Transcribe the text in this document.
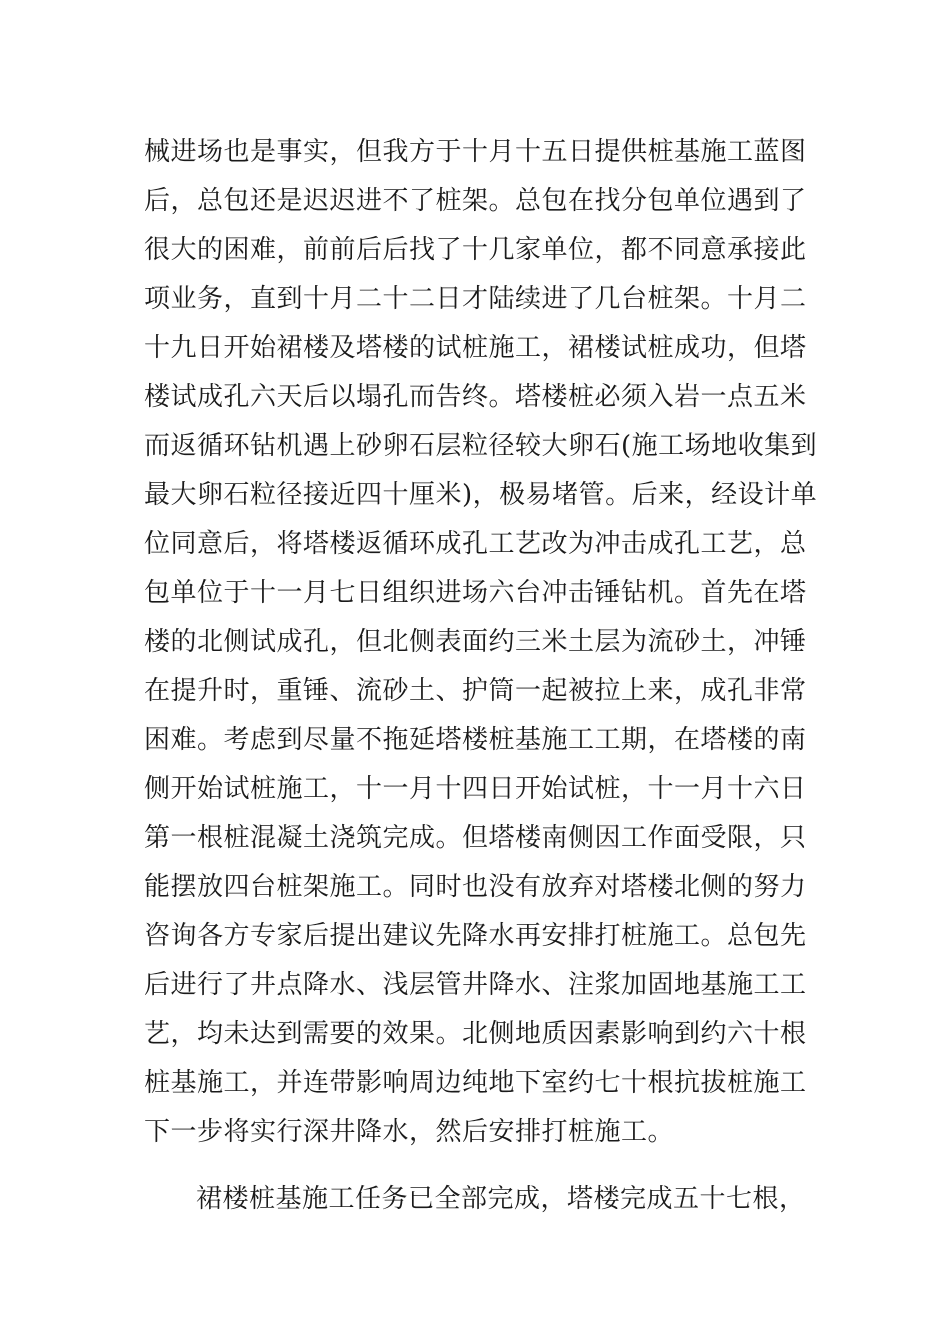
械进场也是事实，但我方于十月十五日提供桩基施工蓝图
后，总包还是迟迟进不了桩架。总包在找分包单位遇到了
很大的困难，前前后后找了十几家单位，都不同意承接此
项业务，直到十月二十二日才陆续进了几台桩架。十月二
十九日开始裙楼及塔楼的试桩施工，裙楼试桩成功，但塔
楼试成孔六天后以塌孔而告终。塔楼桩必须入岩一点五米
而返循环钻机遇上砂卵石层粒径较大卵石(施工场地收集到
最大卵石粒径接近四十厘米)，极易堵管。后来，经设计单
位同意后，将塔楼返循环成孔工艺改为冲击成孔工艺，总
包单位于十一月七日组织进场六台冲击锤钻机。首先在塔
楼的北侧试成孔，但北侧表面约三米土层为流砂土，冲锤
在提升时，重锤、流砂土、护筒一起被拉上来，成孔非常
困难。考虑到尽量不拖延塔楼桩基施工工期，在塔楼的南
侧开始试桩施工，十一月十四日开始试桩，十一月十六日
第一根桩混凝土浇筑完成。但塔楼南侧因工作面受限，只
能摆放四台桩架施工。同时也没有放弃对塔楼北侧的努力
咨询各方专家后提出建议先降水再安排打桩施工。总包先
后进行了井点降水、浅层管井降水、注浆加固地基施工工
艺，均未达到需要的效果。北侧地质因素影响到约六十根
桩基施工，并连带影响周边纯地下室约七十根抗拔桩施工
下一步将实行深井降水，然后安排打桩施工。
裙楼桩基施工任务已全部完成，塔楼完成五十七根，
